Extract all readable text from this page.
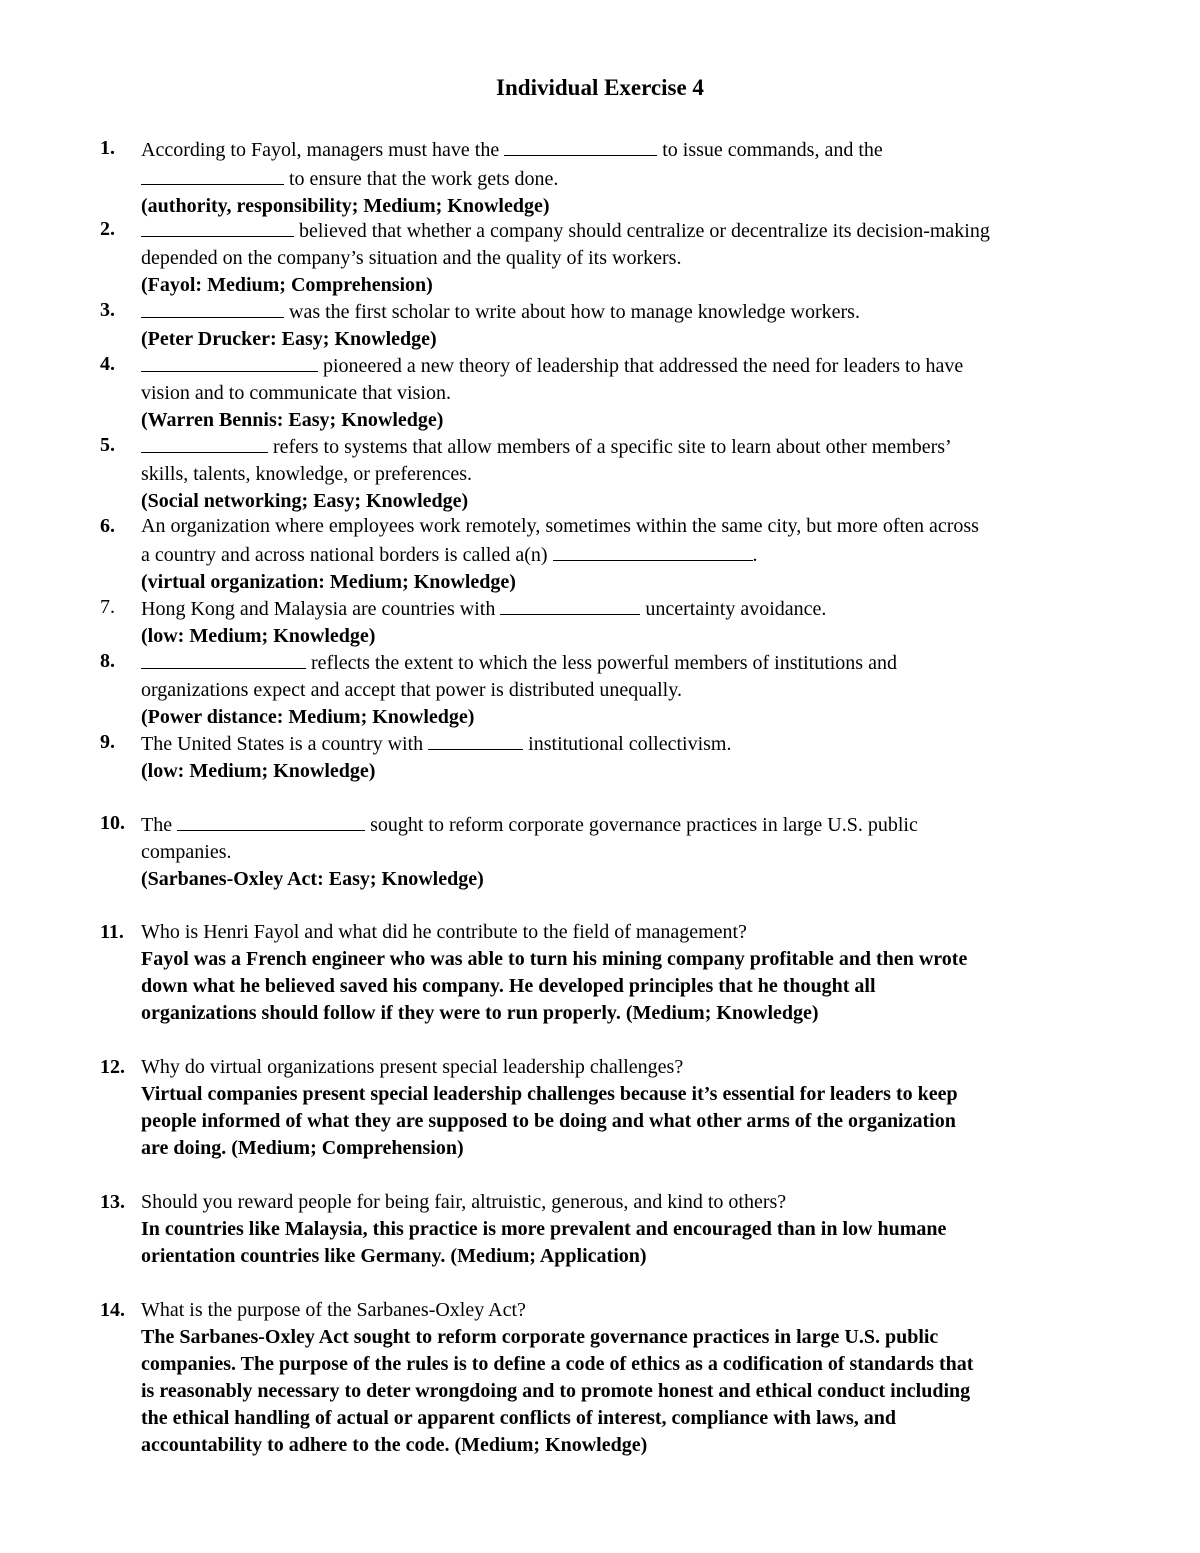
Individual Exercise 4
1.	According to Fayol, managers must have the	to issue commands, and the
to ensure that the work gets done.
(authority, responsibility; Medium; Knowledge)
2.	believed that whether a company should centralize or decentralize its decision-making
depended on the company’s situation and the quality of its workers.
(Fayol: Medium; Comprehension)
3.	was the first scholar to write about how to manage knowledge workers.
(Peter Drucker: Easy; Knowledge)
4.	pioneered a new theory of leadership that addressed the need for leaders to have
vision and to communicate that vision.
(Warren Bennis: Easy; Knowledge)
5.	refers to systems that allow members of a specific site to learn about other members’
skills, talents, knowledge, or preferences.
(Social networking; Easy; Knowledge)
6.	An organization where employees work remotely, sometimes within the same city, but more often across
a country and across national borders is called a(n)	.
(virtual organization: Medium; Knowledge)
7.	Hong Kong and Malaysia are countries with	uncertainty avoidance.
(low: Medium; Knowledge)
8.	reflects the extent to which the less powerful members of institutions and
organizations expect and accept that power is distributed unequally.
(Power distance: Medium; Knowledge)
9.	The United States is a country with	institutional collectivism.
(low: Medium; Knowledge)
10. The	sought to reform corporate governance practices in large U.S. public
companies.
(Sarbanes-Oxley Act: Easy; Knowledge)
11. Who is Henri Fayol and what did he contribute to the field of management?
Fayol was a French engineer who was able to turn his mining company profitable and then wrote
down what he believed saved his company. He developed principles that he thought all
organizations should follow if they were to run properly. (Medium; Knowledge)
12. Why do virtual organizations present special leadership challenges?
Virtual companies present special leadership challenges because it’s essential for leaders to keep
people informed of what they are supposed to be doing and what other arms of the organization
are doing. (Medium; Comprehension)
13. Should you reward people for being fair, altruistic, generous, and kind to others?
In countries like Malaysia, this practice is more prevalent and encouraged than in low humane
orientation countries like Germany. (Medium; Application)
14. What is the purpose of the Sarbanes-Oxley Act?
The Sarbanes-Oxley Act sought to reform corporate governance practices in large U.S. public
companies. The purpose of the rules is to define a code of ethics as a codification of standards that
is reasonably necessary to deter wrongdoing and to promote honest and ethical conduct including
the ethical handling of actual or apparent conflicts of interest, compliance with laws, and
accountability to adhere to the code. (Medium; Knowledge)
